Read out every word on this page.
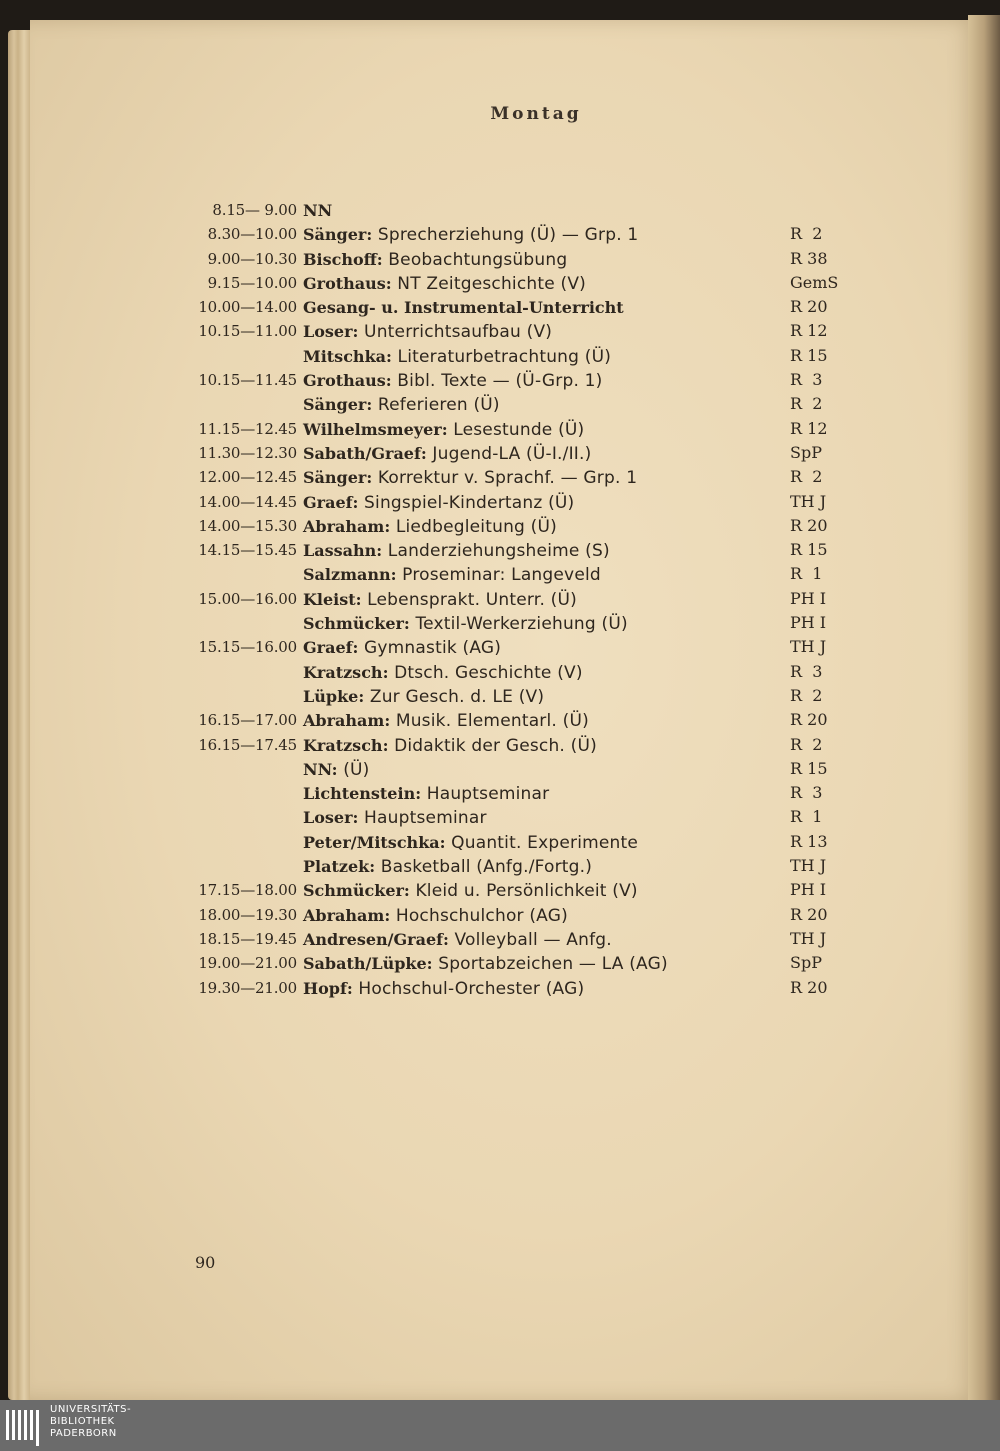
Montag
8.15— 9.00 NN
8.30—10.00 Sänger: Sprecherziehung (Ü) — Grp. 1	R  2
9.00—10.30 Bischoff: Beobachtungsübung	R 38
9.15—10.00 Grothaus: NT Zeitgeschichte (V)	GemS
10.00—14.00 Gesang- u. Instrumental-Unterricht	R 20
10.15—11.00 Loser: Unterrichtsaufbau (V)	R 12
Mitschka: Literaturbetrachtung (Ü)	R 15
10.15—11.45 Grothaus: Bibl. Texte — (Ü-Grp. 1)	R  3
Sänger: Referieren (Ü)	R  2
11.15—12.45 Wilhelmsmeyer: Lesestunde (Ü)	R 12
11.30—12.30 Sabath/Graef: Jugend-LA (Ü-I./II.)	SpP
12.00—12.45 Sänger: Korrektur v. Sprachf. — Grp. 1	R  2
14.00—14.45 Graef: Singspiel-Kindertanz (Ü)	TH J
14.00—15.30 Abraham: Liedbegleitung (Ü)	R 20
14.15—15.45 Lassahn: Landerziehungsheime (S)	R 15
Salzmann: Proseminar: Langeveld	R  1
15.00—16.00 Kleist: Lebensprakt. Unterr. (Ü)	PH I
Schmücker: Textil-Werkerziehung (Ü)	PH I
15.15—16.00 Graef: Gymnastik (AG)	TH J
Kratzsch: Dtsch. Geschichte (V)	R  3
Lüpke: Zur Gesch. d. LE (V)	R  2
16.15—17.00 Abraham: Musik. Elementarl. (Ü)	R 20
16.15—17.45 Kratzsch: Didaktik der Gesch. (Ü)	R  2
NN: (Ü)	R 15
Lichtenstein: Hauptseminar	R  3
Loser: Hauptseminar	R  1
Peter/Mitschka: Quantit. Experimente	R 13
Platzek: Basketball (Anfg./Fortg.)	TH J
17.15—18.00 Schmücker: Kleid u. Persönlichkeit (V)	PH I
18.00—19.30 Abraham: Hochschulchor (AG)	R 20
18.15—19.45 Andresen/Graef: Volleyball — Anfg.	TH J
19.00—21.00 Sabath/Lüpke: Sportabzeichen — LA (AG)	SpP
19.30—21.00 Hopf: Hochschul-Orchester (AG)	R 20
90
UNIVERSITÄTS-
BIBLIOTHEK
PADERBORN
